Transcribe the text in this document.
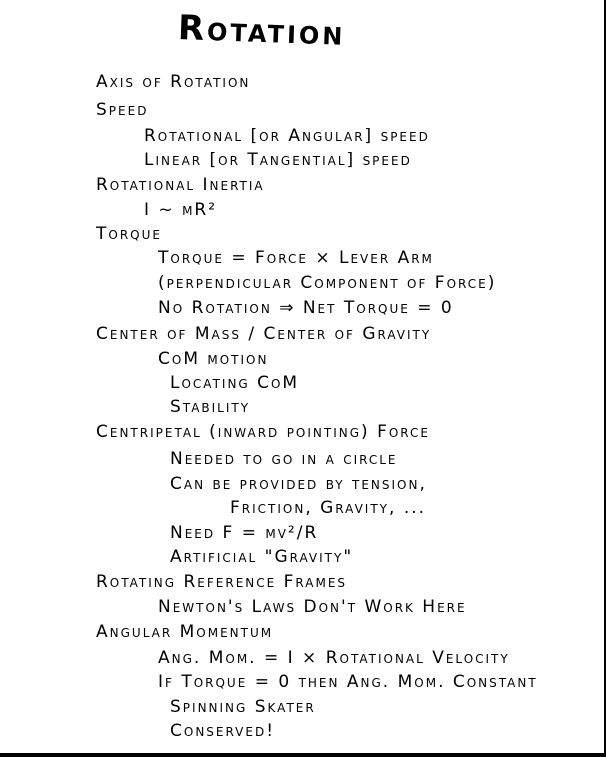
Rotation
Axis of Rotation
Speed
Rotational [or Angular] speed
Linear [or Tangential] speed
Rotational Inertia
I ~ mR²
Torque
Torque = Force × Lever Arm
(perpendicular Component of Force)
No Rotation ⇒ Net Torque = 0
Center of Mass / Center of Gravity
CoM motion
Locating CoM
Stability
Centripetal (inward pointing) Force
Needed to go in a circle
Can be provided by tension,
Friction, Gravity, ...
Need F = mv²/R
Artificial "Gravity"
Rotating Reference Frames
Newton's Laws Don't Work Here
Angular Momentum
Ang. Mom. = I × Rotational Velocity
If Torque = 0 then Ang. Mom. Constant
Spinning Skater
Conserved!
